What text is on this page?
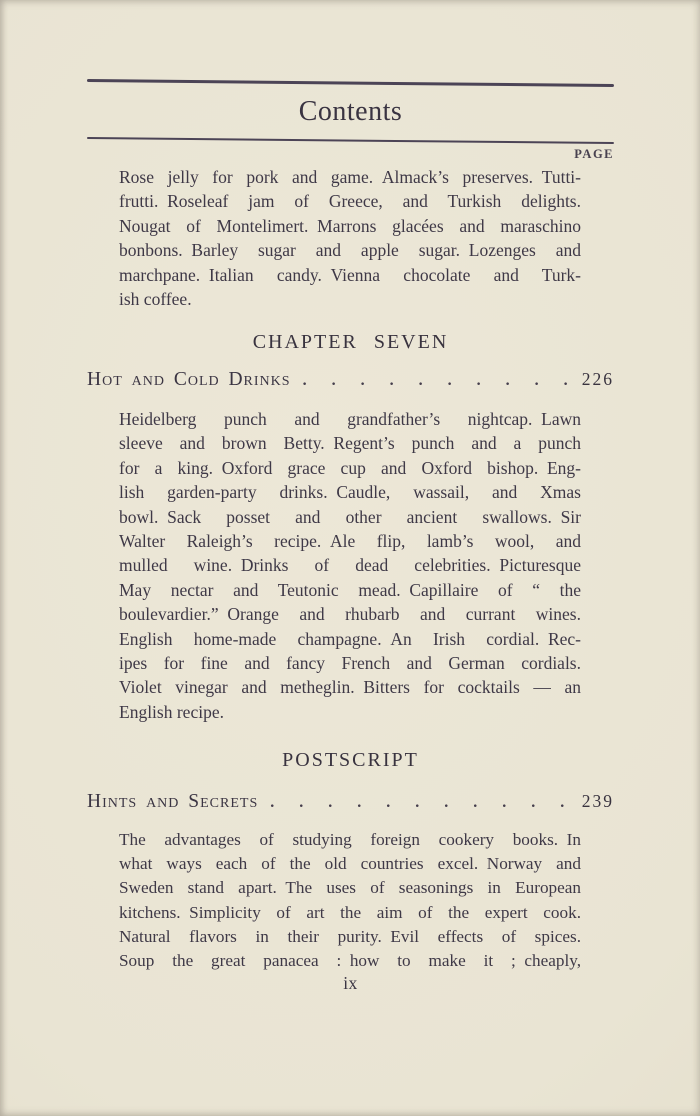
Contents
PAGE
Rose jelly for pork and game. Almack’s preserves. Tutti-
frutti. Roseleaf jam of Greece, and Turkish delights.
Nougat of Montelimert. Marrons glacées and maraschino
bonbons. Barley sugar and apple sugar. Lozenges and
marchpane. Italian candy. Vienna chocolate and Turk-
ish coffee.
CHAPTER SEVEN
Hot and Cold Drinks . . . . . . . . . . 226
Heidelberg punch and grandfather’s nightcap. Lawn
sleeve and brown Betty. Regent’s punch and a punch
for a king. Oxford grace cup and Oxford bishop. Eng-
lish garden-party drinks. Caudle, wassail, and Xmas
bowl. Sack posset and other ancient swallows. Sir
Walter Raleigh’s recipe. Ale flip, lamb’s wool, and
mulled wine. Drinks of dead celebrities. Picturesque
May nectar and Teutonic mead. Capillaire of “ the
boulevardier.” Orange and rhubarb and currant wines.
English home-made champagne. An Irish cordial. Rec-
ipes for fine and fancy French and German cordials.
Violet vinegar and metheglin. Bitters for cocktails — an
English recipe.
POSTSCRIPT
Hints and Secrets . . . . . . . . . . .	239
The advantages of studying foreign cookery books. In
what ways each of the old countries excel. Norway and
Sweden stand apart. The uses of seasonings in European
kitchens. Simplicity of art the aim of the expert cook.
Natural flavors in their purity. Evil effects of spices.
Soup the great panacea : how to make it ; cheaply,
ix
